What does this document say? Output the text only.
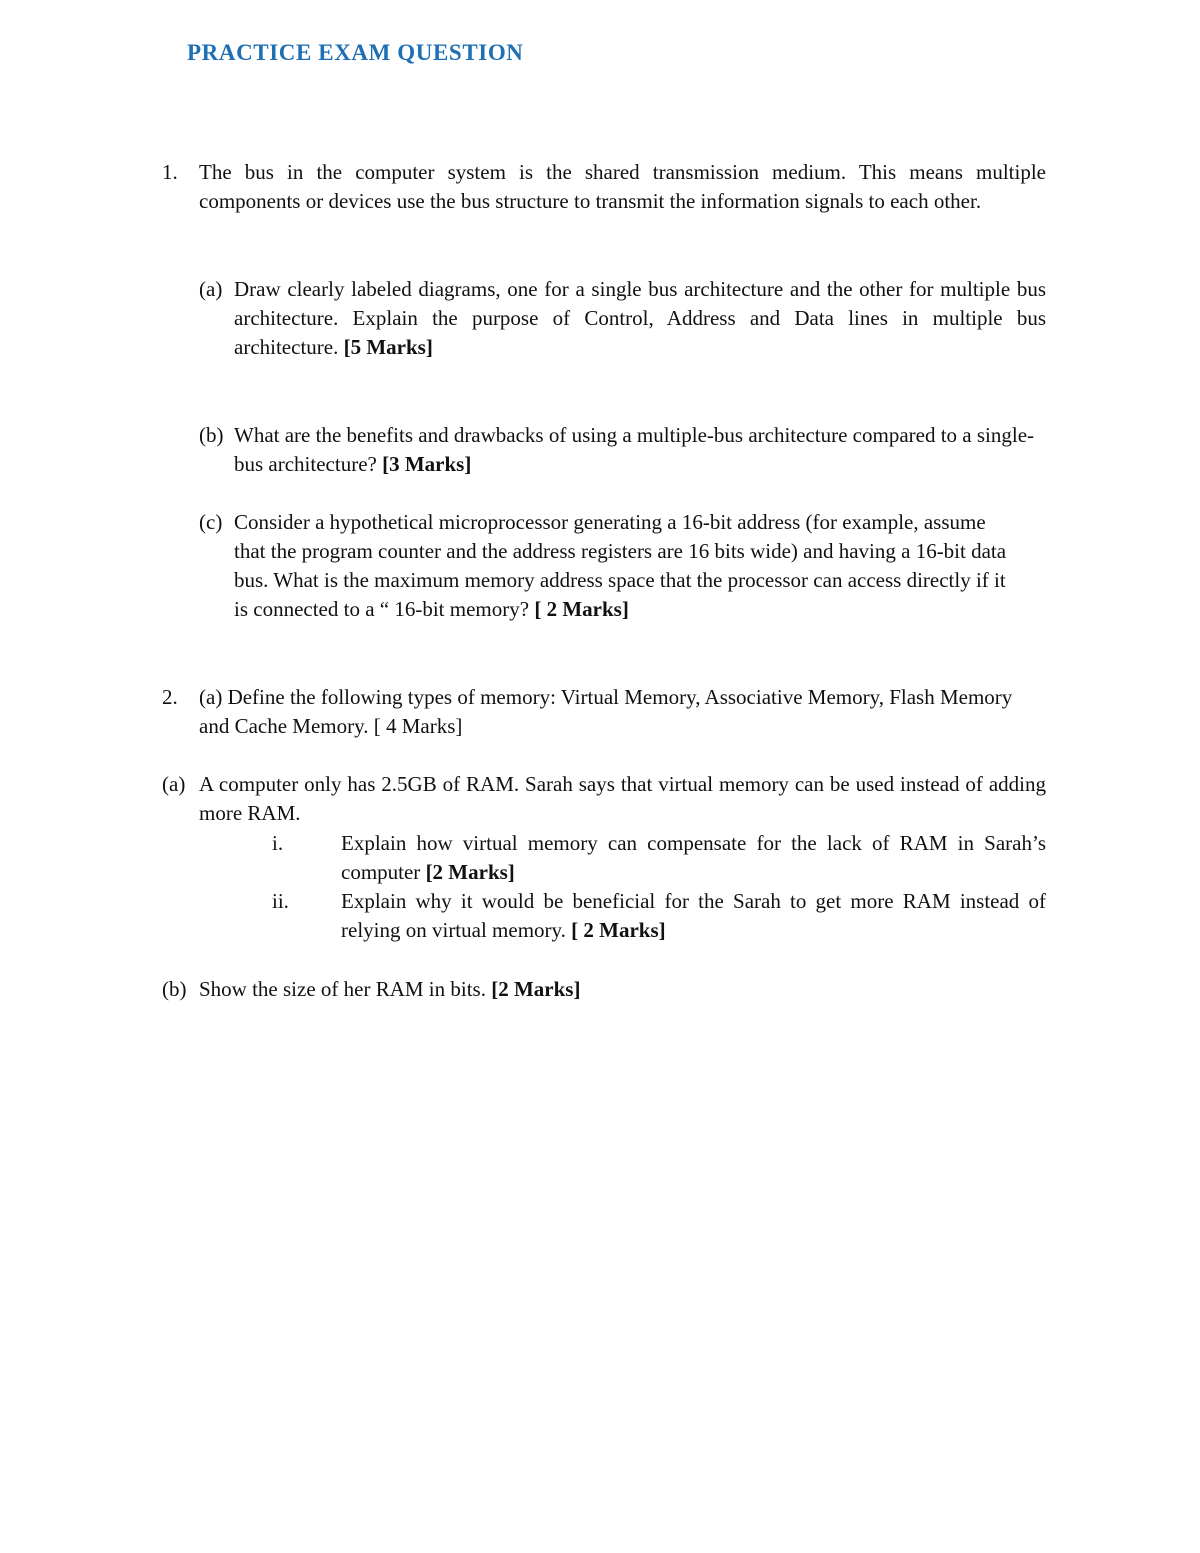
PRACTICE EXAM QUESTION
1. The bus in the computer system is the shared transmission medium. This means multiple components or devices use the bus structure to transmit the information signals to each other.

(a) Draw clearly labeled diagrams, one for a single bus architecture and the other for multiple bus architecture. Explain the purpose of Control, Address and Data lines in multiple bus architecture. [5 Marks]

(b) What are the benefits and drawbacks of using a multiple-bus architecture compared to a single-bus architecture? [3 Marks]

(c) Consider a hypothetical microprocessor generating a 16-bit address (for example, assume that the program counter and the address registers are 16 bits wide) and having a 16-bit data bus. What is the maximum memory address space that the processor can access directly if it is connected to a “ 16-bit memory? [ 2 Marks]

2. (a) Define the following types of memory: Virtual Memory, Associative Memory, Flash Memory and Cache Memory. [ 4 Marks]

(a) A computer only has 2.5GB of RAM. Sarah says that virtual memory can be used instead of adding more RAM.

i.	Explain how virtual memory can compensate for the lack of RAM in Sarah’s computer [2 Marks]

ii. Explain why it would be beneficial for the Sarah to get more RAM instead of relying on virtual memory. [ 2 Marks]

(b) Show the size of her RAM in bits. [2 Marks]
